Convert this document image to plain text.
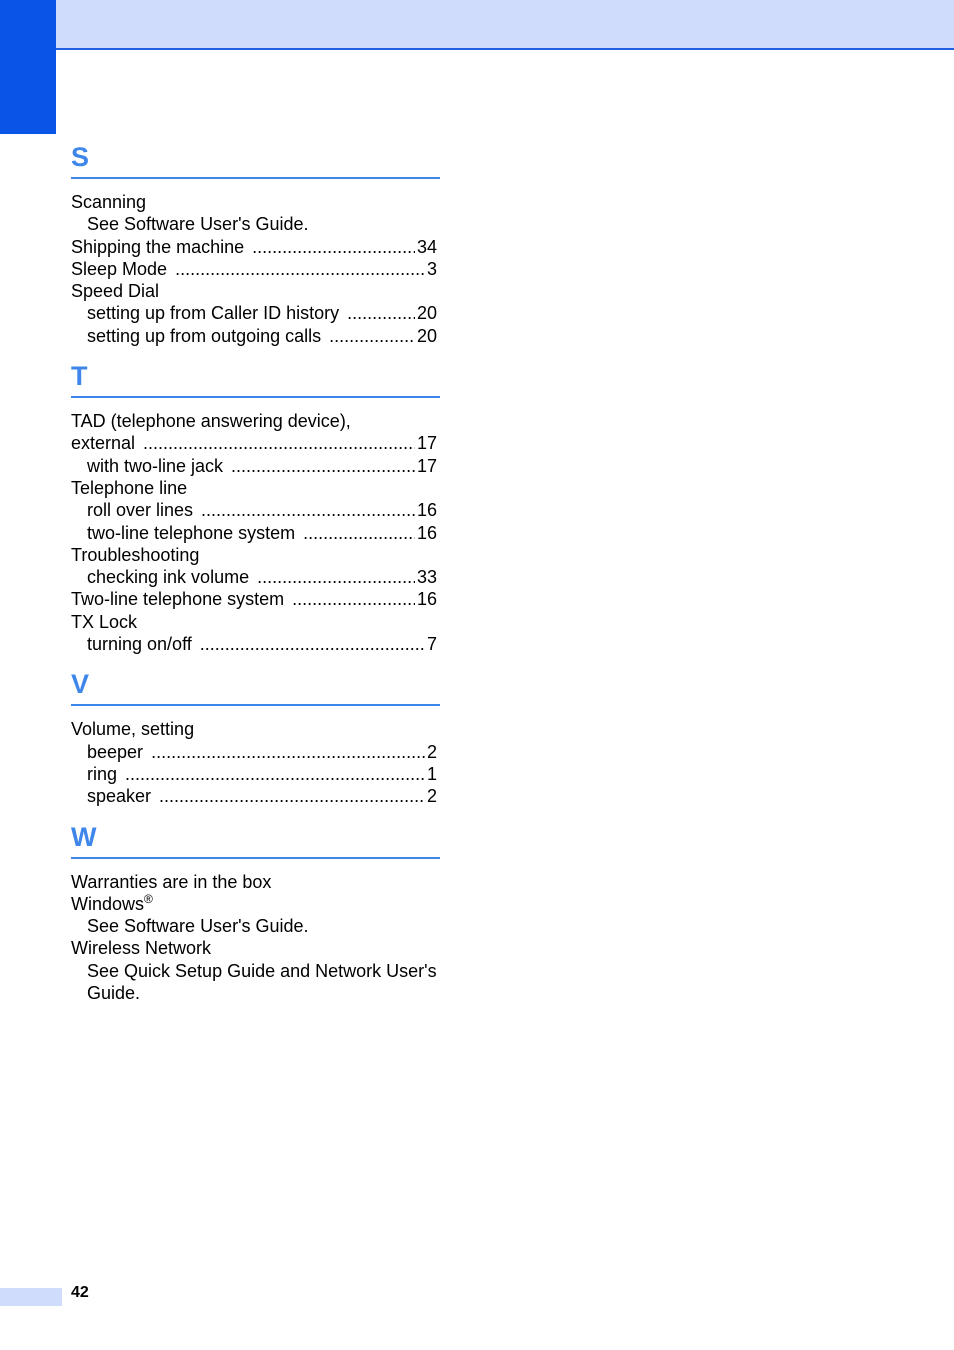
S
Scanning
See Software User's Guide.
Shipping the machine .....	34
Sleep Mode .....	3
Speed Dial
setting up from Caller ID history .....	20
setting up from outgoing calls .....	20
T
TAD (telephone answering device),
external .....	17
with two-line jack .....	17
Telephone line
roll over lines .....	16
two-line telephone system .....	16
Troubleshooting
checking ink volume .....	33
Two-line telephone system .....	16
TX Lock
turning on/off .....	7
V
Volume, setting
beeper .....	2
ring .....	1
speaker .....	2
W
Warranties are in the box
Windows®
See Software User's Guide.
Wireless Network
See Quick Setup Guide and Network User's Guide.
42
